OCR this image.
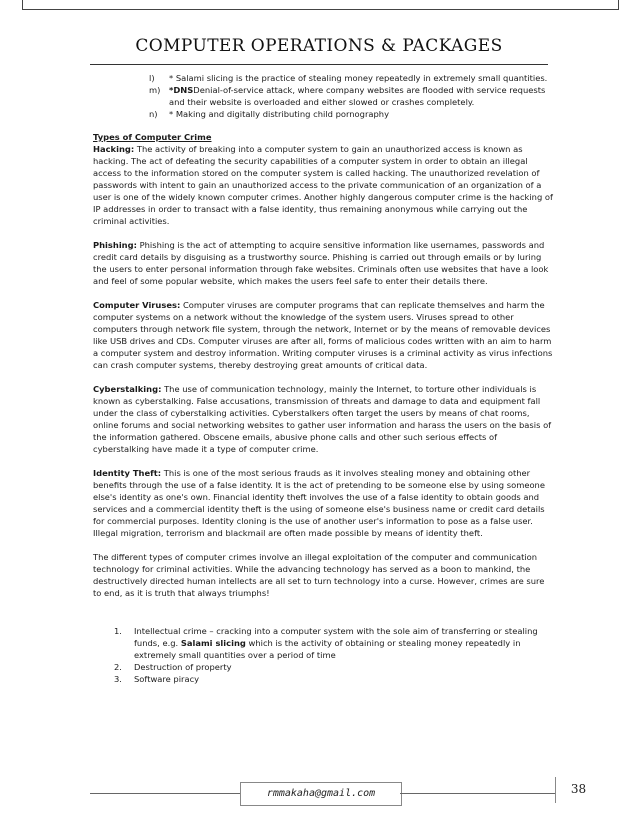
COMPUTER OPERATIONS & PACKAGES
l)	* Salami slicing is the practice of stealing money repeatedly in extremely small quantities.
m)	*DNSDenial-of-service attack, where company websites are flooded with service requests and their website is overloaded and either slowed or crashes completely.
n)	* Making and digitally distributing child pornography
Types of Computer Crime

Hacking: The activity of breaking into a computer system to gain an unauthorized access is known as hacking. The act of defeating the security capabilities of a computer system in order to obtain an illegal access to the information stored on the computer system is called hacking. The unauthorized revelation of passwords with intent to gain an unauthorized access to the private communication of an organization of a user is one of the widely known computer crimes. Another highly dangerous computer crime is the hacking of IP addresses in order to transact with a false identity, thus remaining anonymous while carrying out the criminal activities.

Phishing: Phishing is the act of attempting to acquire sensitive information like usernames, passwords and credit card details by disguising as a trustworthy source. Phishing is carried out through emails or by luring the users to enter personal information through fake websites. Criminals often use websites that have a look and feel of some popular website, which makes the users feel safe to enter their details there.

Computer Viruses: Computer viruses are computer programs that can replicate themselves and harm the computer systems on a network without the knowledge of the system users. Viruses spread to other computers through network file system, through the network, Internet or by the means of removable devices like USB drives and CDs. Computer viruses are after all, forms of malicious codes written with an aim to harm a computer system and destroy information. Writing computer viruses is a criminal activity as virus infections can crash computer systems, thereby destroying great amounts of critical data.

Cyberstalking: The use of communication technology, mainly the Internet, to torture other individuals is known as cyberstalking. False accusations, transmission of threats and damage to data and equipment fall under the class of cyberstalking activities. Cyberstalkers often target the users by means of chat rooms, online forums and social networking websites to gather user information and harass the users on the basis of the information gathered. Obscene emails, abusive phone calls and other such serious effects of cyberstalking have made it a type of computer crime.

Identity Theft: This is one of the most serious frauds as it involves stealing money and obtaining other benefits through the use of a false identity. It is the act of pretending to be someone else by using someone else's identity as one's own. Financial identity theft involves the use of a false identity to obtain goods and services and a commercial identity theft is the using of someone else's business name or credit card details for commercial purposes. Identity cloning is the use of another user's information to pose as a false user. Illegal migration, terrorism and blackmail are often made possible by means of identity theft.

The different types of computer crimes involve an illegal exploitation of the computer and communication technology for criminal activities. While the advancing technology has served as a boon to mankind, the destructively directed human intellects are all set to turn technology into a curse. However, crimes are sure to end, as it is truth that always triumphs!

1.	Intellectual crime – cracking into a computer system with the sole aim of transferring or stealing funds, e.g. Salami slicing which is the activity of obtaining or stealing money repeatedly in extremely small quantities over a period of time
2.	Destruction of property
3.	Software piracy
rmmakaha@gmail.com	38
